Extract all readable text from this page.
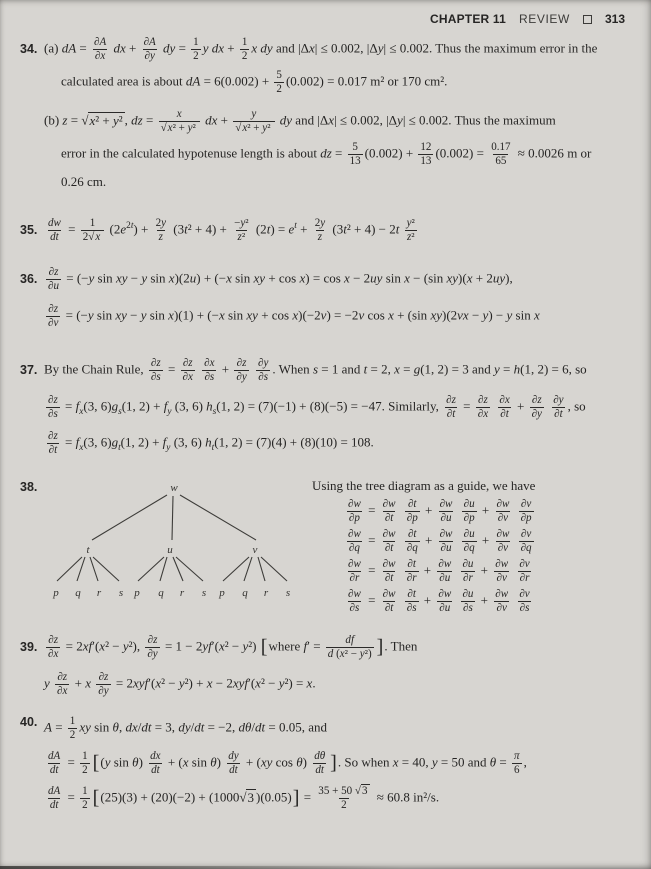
CHAPTER 11 REVIEW	313
34. (a) dA = $\frac{\partial A}{\partial x}$ dx + $\frac{\partial A}{\partial y}$ dy = $\frac{1}{2}$ y dx + $\frac{1}{2}$ x dy and |Δx| ≤ 0.002, |Δy| ≤ 0.002. Thus the maximum error in the
calculated area is about dA = $6(0.002) + \frac{5}{2} (0.002) = 0.017$ m² or 170 cm².
(b) z = √x² + y² , dz = $\frac{x}{\text{√x² + y²}}$ dx + $\frac{y}{\text{√x² + y²}}$ dy and |Δx| ≤ 0.002, |Δy| ≤ 0.002. Thus the maximum
error in the calculated hypotenuse length is about dz = $\frac{5}{13} (0.002) + \frac{12}{13} (0.002) = \frac{0.17}{65} \approx 0.0026$ m or
0.26 cm.
35. $\frac{dw}{dt} = \frac{1}{2√x} (2e^{2t}) + \frac{2y}{z} (3t^2 + 4) + \frac{\text{−y²}}{\text{z²}} (2t) = e^t + \frac{2y}{z} (3t^2 + 4) - 2t \frac{\text{y²}}{\text{z²}}$
36. $\frac{\partial z}{\partial u} = (-y$ sin xy − y sin x)(2u) + (−x sin xy + cos x) = cos x − 2uy sin x − (sin xy)(x + 2uy),
$\frac{\partial z}{\partial v} = (-y$ sin xy − y sin x)(1) + (−x sin xy + cos x)(−2v) = −2v cos x + (sin xy)(2vx − y) − y sin x
37. By the Chain Rule, $\frac{\partial z}{\partial s} = \frac{\partial z}{\partial x}$
$\frac{\partial x}{\partial s} + \frac{\partial z}{\partial y}$
$\frac{\partial y}{\partial s}$ . When s = 1 and t = 2, x = g(1, 2) = 3 and y = h(1, 2) = 6, so
$\frac{\partial z}{\partial s} = f_x(3$, $6)g_s(1$, $2) + f_y$ (3, 6) $h_s(1$, 2) = (7)(−1) + (8)(−5) = −47. Similarly, $\frac{\partial z}{\partial t} = \frac{\partial z}{\partial x}$
$\frac{\partial x}{\partial t} + \frac{\partial z}{\partial y}$
$\frac{\partial y}{\partial t}$ , so
$\frac{\partial z}{\partial t} = f_x(3$, $6)g_t(1$, $2) + f_y$ (3, 6) $h_t(1$, 2) = (7)(4) + (8)(10) = 108.
38.	w
t	u	v
p q r s p q r s p q r s
Using the tree diagram as a guide, we have
$\frac{\partial w}{\partial p} = \frac{\partial w}{\partial t}$
$\frac{\partial t}{\partial p} + \frac{\partial w}{\partial u}$
$\frac{\partial u}{\partial p} + \frac{\partial w}{\partial v}$
$\frac{\partial v}{\partial p}$
$\frac{\partial w}{\partial q} = \frac{\partial w}{\partial t}$
$\frac{\partial t}{\partial q} + \frac{\partial w}{\partial u}$
$\frac{\partial u}{\partial q} + \frac{\partial w}{\partial v}$
$\frac{\partial v}{\partial q}$
$\frac{\partial w}{\partial r} = \frac{\partial w}{\partial t}$
$\frac{\partial t}{\partial r} + \frac{\partial w}{\partial u}$
$\frac{\partial u}{\partial r} + \frac{\partial w}{\partial v}$
$\frac{\partial v}{\partial r}$
$\frac{\partial w}{\partial s} = \frac{\partial w}{\partial t}$
$\frac{\partial t}{\partial s} + \frac{\partial w}{\partial u}$
$\frac{\partial u}{\partial s} + \frac{\partial w}{\partial v}$
$\frac{\partial v}{\partial s}$
39. $\frac{\partial z}{\partial x} = 2xf'(x^2 - y^2)$, $\frac{\partial z}{\partial y} = 1 - 2yf'(x^2 - y^2)$ [where $f' = \frac{df}{\text{d (x² − y²)}}$ ]. Then
y $\frac{\partial z}{\partial x} + x \frac{\partial z}{\partial y} = 2xyf'(x^2 - y^2) + x - 2xyf'(x^2 - y^2) = x$.
40. $A = \frac{1}{2}$ xy sin θ, dx/dt = 3, dy/dt = −2, dθ/dt = 0.05, and
$\frac{dA}{dt} = \frac{1}{2} [(y$ $\sin \theta) \frac{dx}{dt} + (x$ $\sin \theta) \frac{dy}{dt} + (xy$ $\cos \theta) \frac{d\theta}{dt}$ ]. So when x = 40, y = 50 and $\theta = \frac{\pi}{6}$ ,
$\frac{dA}{dt} = \frac{1}{2} [(25)(3) + (20)(-2) + (1000√3$ )$(0.05)] = \frac{35 + 50 √3}{2} \approx 60.8$ in²/s.
